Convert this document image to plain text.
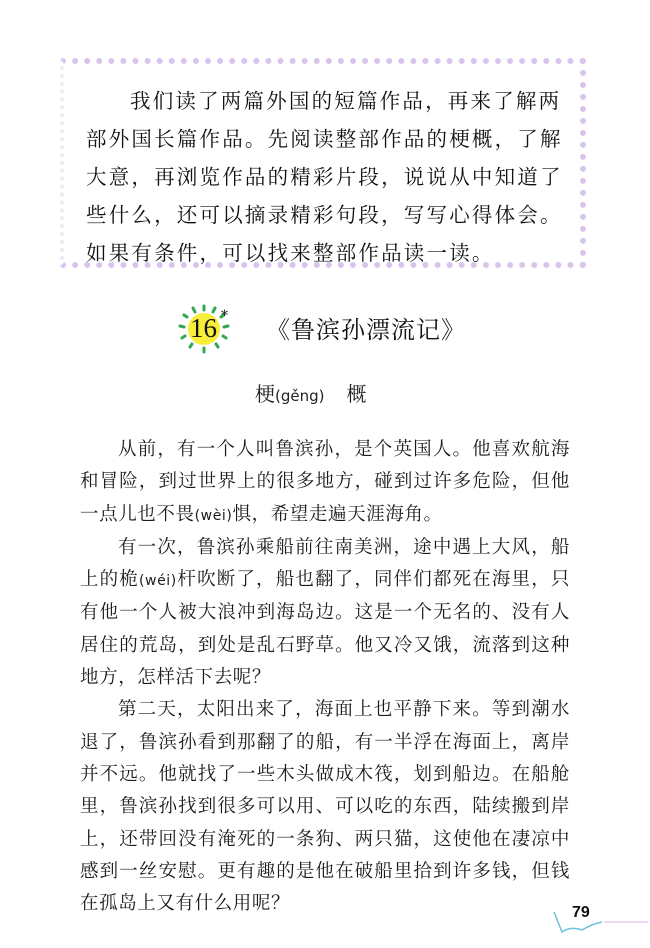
我们读了两篇外国的短篇作品，再来了解两部外国长篇作品。先阅读整部作品的梗概，了解大意，再浏览作品的精彩片段，说说从中知道了些什么，还可以摘录精彩句段，写写心得体会。如果有条件，可以找来整部作品读一读。

16 * 《鲁滨孙漂流记》
梗(gěng) 概

从前，有一个人叫鲁滨孙，是个英国人。他喜欢航海和冒险，到过世界上的很多地方，碰到过许多危险，但他一点儿也不畏(wèi)惧，希望走遍天涯海角。

有一次，鲁滨孙乘船前往南美洲，途中遇上大风，船上的桅(wéi)杆吹断了，船也翻了，同伴们都死在海里，只有他一个人被大浪冲到海岛边。这是一个无名的、没有人居住的荒岛，到处是乱石野草。他又冷又饿，流落到这种地方，怎样活下去呢？

第二天，太阳出来了，海面上也平静下来。等到潮水退了，鲁滨孙看到那翻了的船，有一半浮在海面上，离岸并不远。他就找了一些木头做成木筏，划到船边。在船舱里，鲁滨孙找到很多可以用、可以吃的东西，陆续搬到岸上，还带回没有淹死的一条狗、两只猫，这使他在凄凉中感到一丝安慰。更有趣的是他在破船里拾到许多钱，但钱在孤岛上又有什么用呢？	79
